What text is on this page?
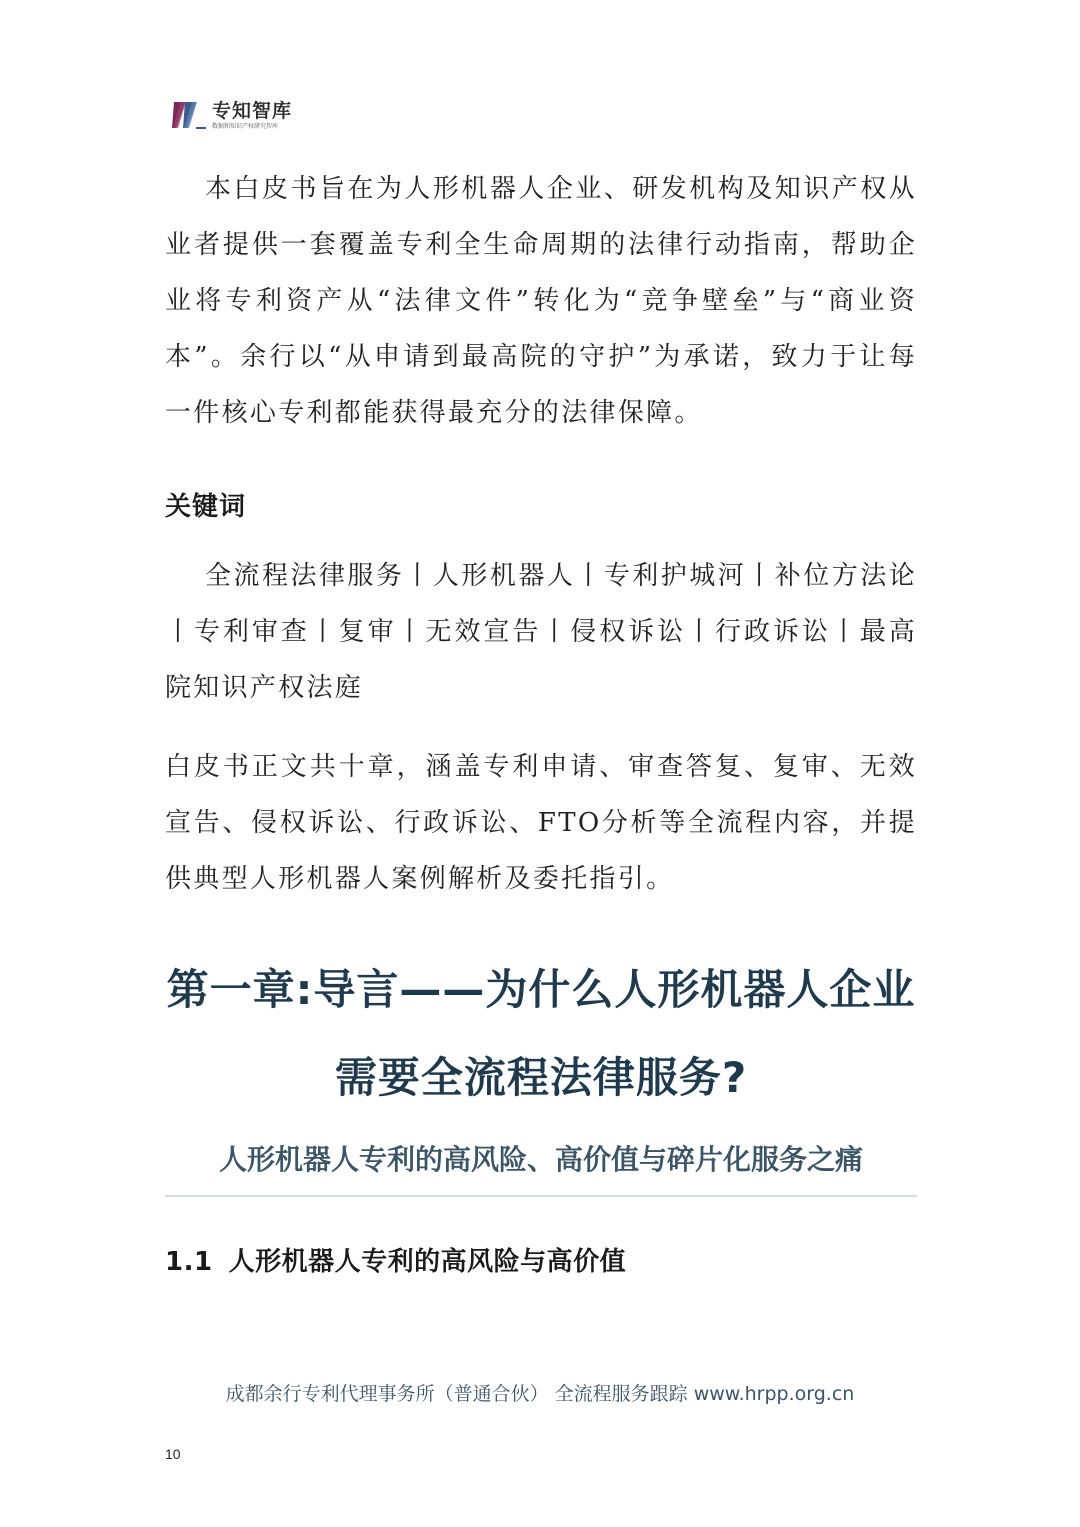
专知智库
数据和知识产权研究智库

本白皮书旨在为人形机器人企业、研发机构及知识产权从业者提供一套覆盖专利全生命周期的法律行动指南，帮助企业将专利资产从“法律文件”转化为“竞争壁垒”与“商业资本”。余行以“从申请到最高院的守护”为承诺，致力于让每一件核心专利都能获得最充分的法律保障。

关键词

全流程法律服务丨人形机器人丨专利护城河丨补位方法论丨专利审查丨复审丨无效宣告丨侵权诉讼丨行政诉讼丨最高院知识产权法庭

白皮书正文共十章，涵盖专利申请、审查答复、复审、无效宣告、侵权诉讼、行政诉讼、FTO分析等全流程内容，并提供典型人形机器人案例解析及委托指引。

第一章:导言——为什么人形机器人企业
需要全流程法律服务?
人形机器人专利的高风险、高价值与碎片化服务之痛
1.1 人形机器人专利的高风险与高价值
成都余行专利代理事务所（普通合伙） 全流程服务跟踪 www.hrpp.org.cn
10
